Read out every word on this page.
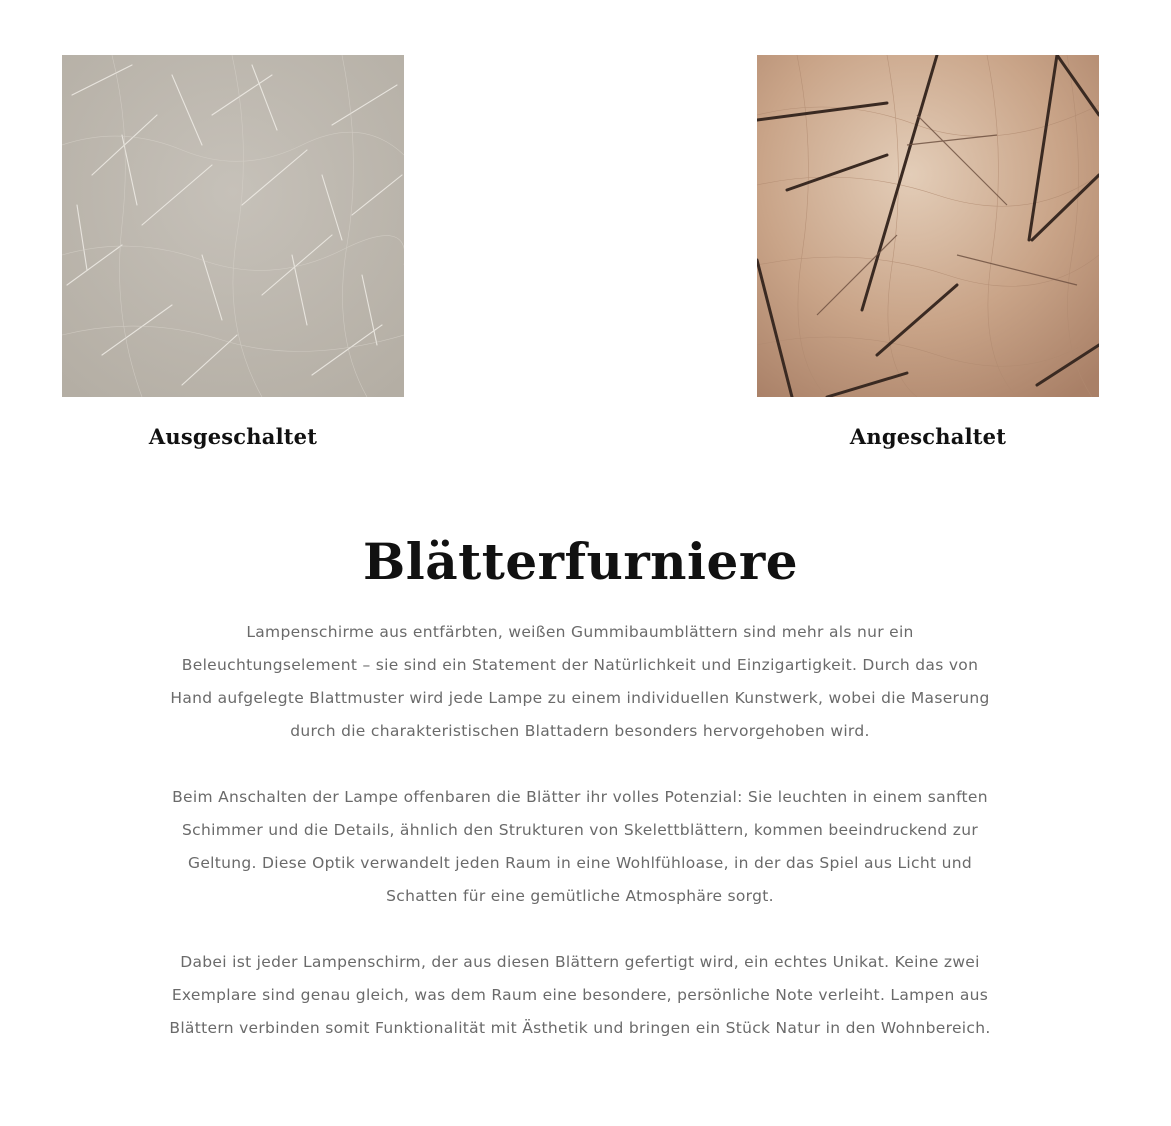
Ausgeschaltet	Angeschaltet
Blätterfurniere

Lampenschirme aus entfärbten, weißen Gummibaumblättern sind mehr als nur ein Beleuchtungselement – sie sind ein Statement der Natürlichkeit und Einzigartigkeit. Durch das von Hand aufgelegte Blattmuster wird jede Lampe zu einem individuellen Kunstwerk, wobei die Maserung durch die charakteristischen Blattadern besonders hervorgehoben wird.

Beim Anschalten der Lampe offenbaren die Blätter ihr volles Potenzial: Sie leuchten in einem sanften Schimmer und die Details, ähnlich den Strukturen von Skelettblättern, kommen beeindruckend zur Geltung. Diese Optik verwandelt jeden Raum in eine Wohlfühloase, in der das Spiel aus Licht und Schatten für eine gemütliche Atmosphäre sorgt.

Dabei ist jeder Lampenschirm, der aus diesen Blättern gefertigt wird, ein echtes Unikat. Keine zwei Exemplare sind genau gleich, was dem Raum eine besondere, persönliche Note verleiht. Lampen aus Blättern verbinden somit Funktionalität mit Ästhetik und bringen ein Stück Natur in den Wohnbereich.
